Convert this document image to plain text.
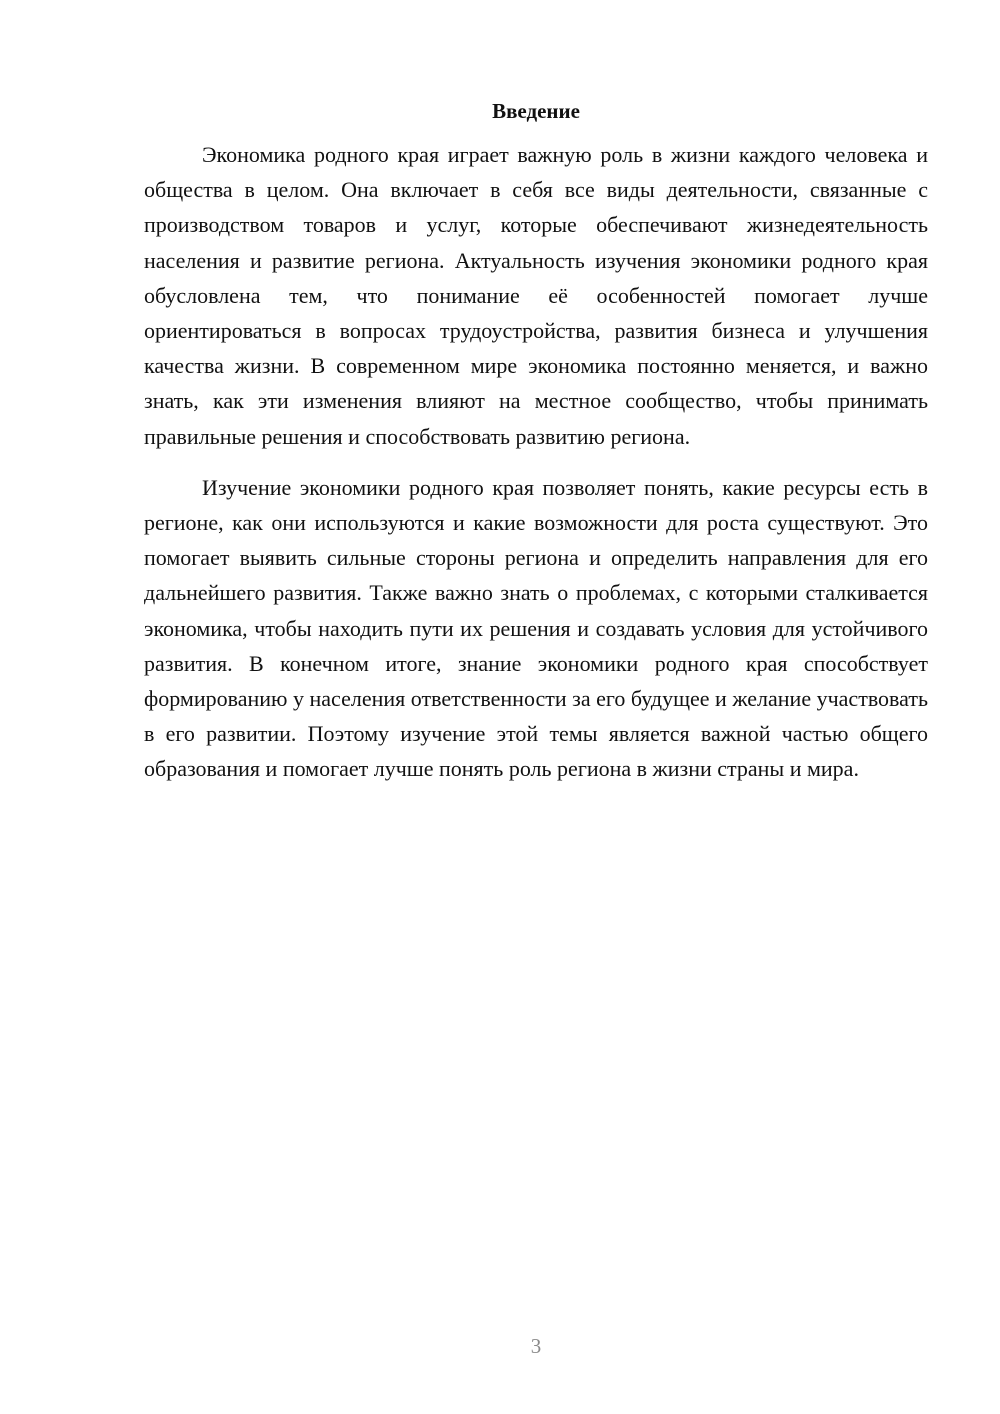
Введение

Экономика родного края играет важную роль в жизни каждого человека и общества в целом. Она включает в себя все виды деятельности, связанные с производством товаров и услуг, которые обеспечивают жизнедеятельность населения и развитие региона. Актуальность изучения экономики родного края обусловлена тем, что понимание её особенностей помогает лучше ориентироваться в вопросах трудоустройства, развития бизнеса и улучшения качества жизни. В современном мире экономика постоянно меняется, и важно знать, как эти изменения влияют на местное сообщество, чтобы принимать правильные решения и способствовать развитию региона.

Изучение экономики родного края позволяет понять, какие ресурсы есть в регионе, как они используются и какие возможности для роста существуют. Это помогает выявить сильные стороны региона и определить направления для его дальнейшего развития. Также важно знать о проблемах, с которыми сталкивается экономика, чтобы находить пути их решения и создавать условия для устойчивого развития. В конечном итоге, знание экономики родного края способствует формированию у населения ответственности за его будущее и желание участвовать в его развитии. Поэтому изучение этой темы является важной частью общего образования и помогает лучше понять роль региона в жизни страны и мира.

3
